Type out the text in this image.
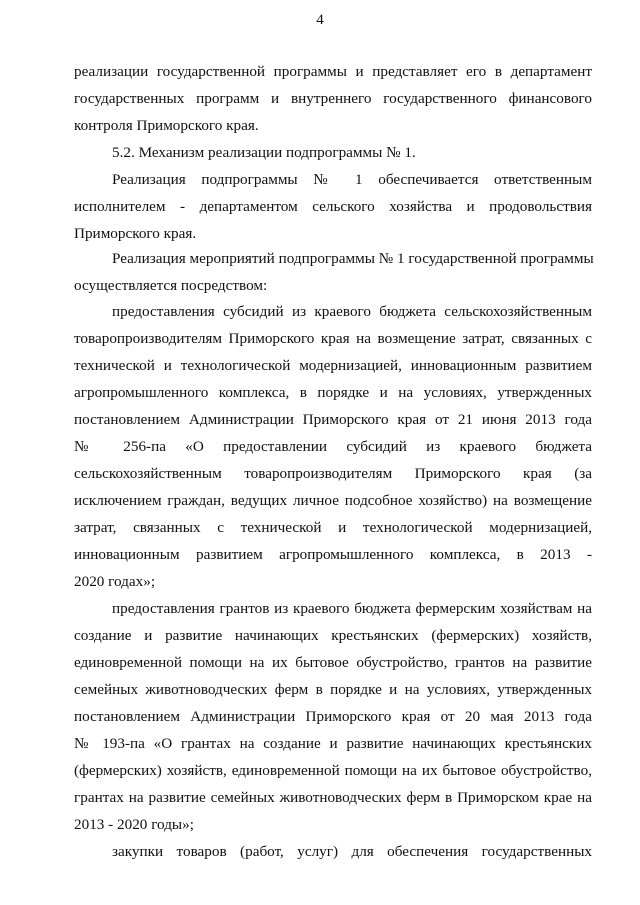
4
реализации государственной программы и представляет его в департамент
государственных программ и внутреннего государственного финансового
контроля Приморского края.
5.2. Механизм реализации подпрограммы № 1.
Реализация подпрограммы № 1 обеспечивается ответственным
исполнителем - департаментом сельского хозяйства и продовольствия
Приморского края.
Реализация мероприятий подпрограммы № 1 государственной программы
осуществляется посредством:
предоставления субсидий из краевого бюджета сельскохозяйственным
товаропроизводителям Приморского края на возмещение затрат, связанных с
технической и технологической модернизацией, инновационным развитием
агропромышленного комплекса, в порядке и на условиях, утвержденных
постановлением Администрации Приморского края от 21 июня 2013 года
№ 256-па «О предоставлении субсидий из краевого бюджета
сельскохозяйственным товаропроизводителям Приморского края (за
исключением граждан, ведущих личное подсобное хозяйство) на возмещение
затрат, связанных с технической и технологической модернизацией,
инновационным развитием агропромышленного комплекса, в 2013 -
2020 годах»;
предоставления грантов из краевого бюджета фермерским хозяйствам на
создание и развитие начинающих крестьянских (фермерских) хозяйств,
единовременной помощи на их бытовое обустройство, грантов на развитие
семейных животноводческих ферм в порядке и на условиях, утвержденных
постановлением Администрации Приморского края от 20 мая 2013 года
№ 193-па «О грантах на создание и развитие начинающих крестьянских
(фермерских) хозяйств, единовременной помощи на их бытовое обустройство,
грантах на развитие семейных животноводческих ферм в Приморском крае на
2013 - 2020 годы»;
закупки товаров (работ, услуг) для обеспечения государственных
